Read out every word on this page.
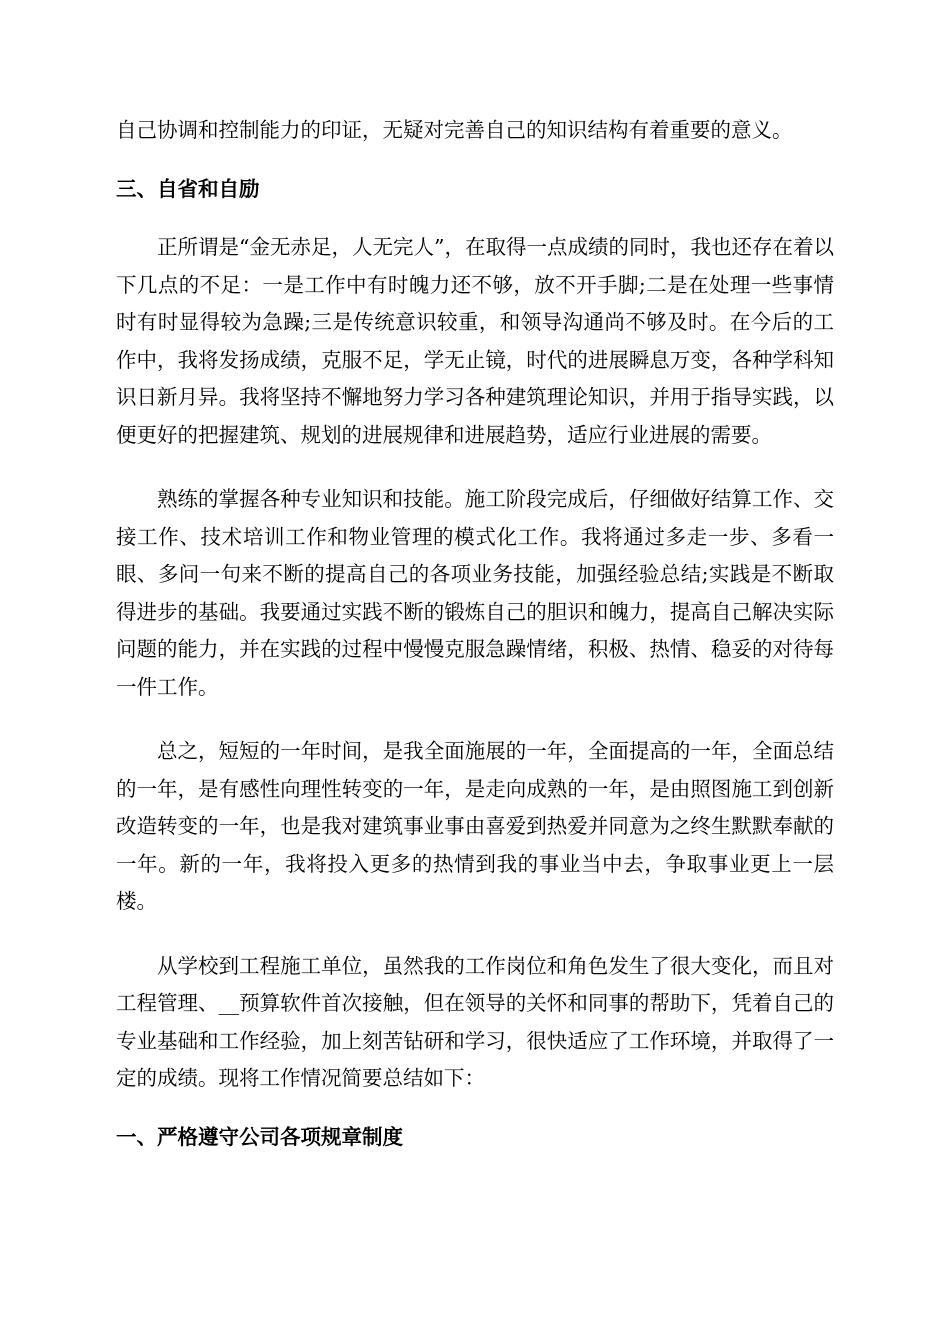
自己协调和控制能力的印证，无疑对完善自己的知识结构有着重要的意义。

三、自省和自励

正所谓是“金无赤足，人无完人”，在取得一点成绩的同时，我也还存在着以下几点的不足：一是工作中有时魄力还不够，放不开手脚;二是在处理一些事情时有时显得较为急躁;三是传统意识较重，和领导沟通尚不够及时。在今后的工作中，我将发扬成绩，克服不足，学无止镜，时代的进展瞬息万变，各种学科知识日新月异。我将坚持不懈地努力学习各种建筑理论知识，并用于指导实践，以便更好的把握建筑、规划的进展规律和进展趋势，适应行业进展的需要。

熟练的掌握各种专业知识和技能。施工阶段完成后，仔细做好结算工作、交接工作、技术培训工作和物业管理的模式化工作。我将通过多走一步、多看一眼、多问一句来不断的提高自己的各项业务技能，加强经验总结;实践是不断取得进步的基础。我要通过实践不断的锻炼自己的胆识和魄力，提高自己解决实际问题的能力，并在实践的过程中慢慢克服急躁情绪，积极、热情、稳妥的对待每一件工作。

总之，短短的一年时间，是我全面施展的一年，全面提高的一年，全面总结的一年，是有感性向理性转变的一年，是走向成熟的一年，是由照图施工到创新改造转变的一年，也是我对建筑事业事由喜爱到热爱并同意为之终生默默奉献的一年。新的一年，我将投入更多的热情到我的事业当中去，争取事业更上一层楼。

从学校到工程施工单位，虽然我的工作岗位和角色发生了很大变化，而且对工程管理、__预算软件首次接触，但在领导的关怀和同事的帮助下，凭着自己的专业基础和工作经验，加上刻苦钻研和学习，很快适应了工作环境，并取得了一定的成绩。现将工作情况简要总结如下：

一、严格遵守公司各项规章制度
